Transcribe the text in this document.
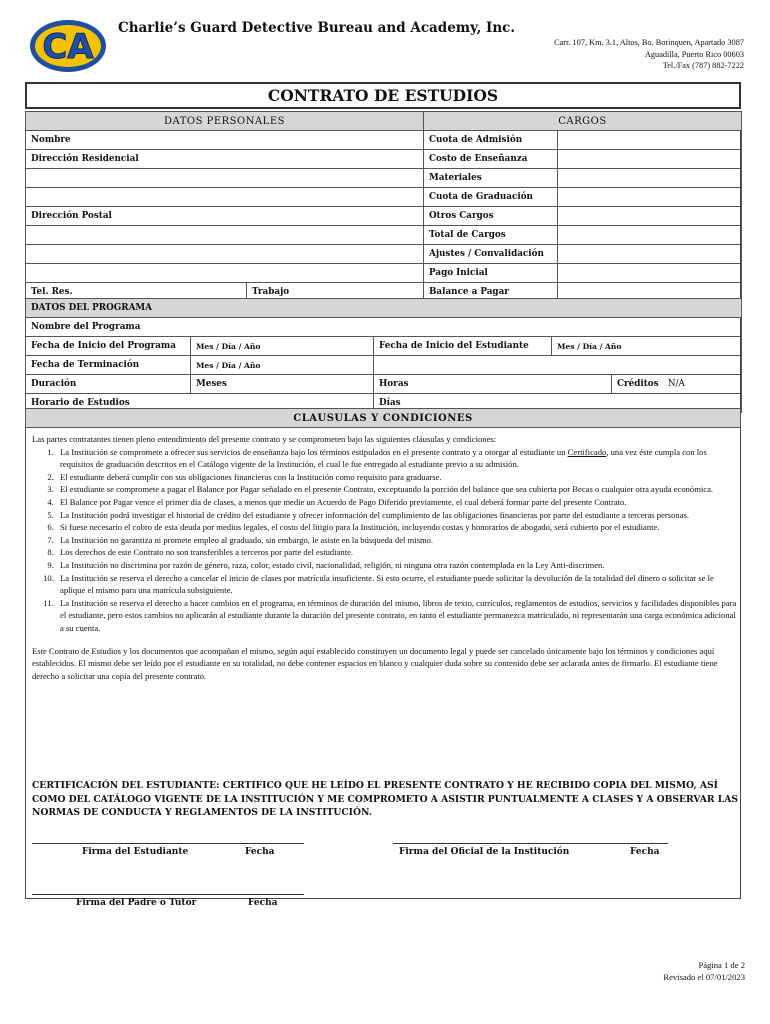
CA Charlie’s Guard Detective Bureau and Academy, Inc.
Carr. 107, Km. 3.1, Altos, Bo. Borinquen, Apartado 3087
Aguadilla, Puerto Rico 00603
Tel./Fax (787) 882-7222
CONTRATO DE ESTUDIOS
DATOS PERSONALES		CARGOS	
Nombre		Cuota de Admisión	
Dirección Residencial		Costo de Enseñanza	
		Materiales	
		Cuota de Graduación	
Dirección Postal		Otros Cargos	
		Total de Cargos	
		Ajustes / Convalidación	
		Pago Inicial	
Tel. Res.	Trabajo	Balance a Pagar	
DATOS DEL PROGRAMA				
Nombre del Programa				
Fecha de Inicio del Programa	Mes / Día / Año	Fecha de Inicio del Estudiante	Mes / Día / Año	
Fecha de Terminación	Mes / Día / Año			
Duración	Meses	Horas		Créditos N/A
Horario de Estudios		Días		
CLAUSULAS Y CONDICIONES
Las partes contratantes tienen pleno entendimiento del presente contrato y se comprometen bajo las siguientes cláusulas y condiciones:
1. La Institución se compromete a ofrecer sus servicios de enseñanza bajo los términos estipulados en el presente contrato y a otorgar al estudiante un Certificado, una vez éste cumpla con los requisitos de graduación descritos en el Catálogo vigente de la Institución, el cual le fue entregado al estudiante previo a su admisión.
2. El estudiante deberá cumplir con sus obligaciones financieras con la Institución como requisito para graduarse.
3. El estudiante se compromete a pagar el Balance por Pagar señalado en el presente Contrato, exceptuando la porción del balance que sea cubierta por Becas o cualquier otra ayuda económica.
4. El Balance por Pagar vence el primer día de clases, a menos que medie un Acuerdo de Pago Diferido previamente, el cual deberá formar parte del presente Contrato.
5. La Institución podrá investigar el historial de crédito del estudiante y ofrecer información del cumplimiento de las obligaciones financieras por parte del estudiante a terceras personas.
6. Si fuese necesario el cobro de esta deuda por medios legales, el costo del litigio para la Institución, incluyendo costas y honorarios de abogado, será cubierto por el estudiante.
7. La Institución no garantiza ni promete empleo al graduado, sin embargo, le asiste en la búsqueda del mismo.
8. Los derechos de este Contrato no son transferibles a terceros por parte del estudiante.
9. La Institución no discrimina por razón de género, raza, color, estado civil, nacionalidad, religión, ni ninguna otra razón contemplada en la Ley Anti-discrimen.
10. La Institución se reserva el derecho a cancelar el inicio de clases por matrícula insuficiente. Si esto ocurre, el estudiante puede solicitar la devolución de la totalidad del dinero o solicitar se le aplique el mismo para una matrícula subsiguiente.
11. La Institución se reserva el derecho a hacer cambios en el programa, en términos de duración del mismo, libros de texto, currículos, reglamentos de estudios, servicios y facilidades disponibles para el estudiante, pero estos cambios no aplicarán al estudiante durante la duración del presente contrato, en tanto el estudiante permanezca matriculado, ni representarán una carga económica adicional a su cuenta.
Este Contrato de Estudios y los documentos que acompañan el mismo, según aquí establecido constituyen un documento legal y puede ser cancelado únicamente bajo los términos y condiciones aquí establecidos. El mismo debe ser leído por el estudiante en su totalidad, no debe contener espacios en blanco y cualquier duda sobre su contenido debe ser aclarada antes de firmarlo. El estudiante tiene derecho a solicitar una copia del presente contrato.
CERTIFICACIÓN DEL ESTUDIANTE: CERTIFICO QUE HE LEÍDO EL PRESENTE CONTRATO Y HE RECIBIDO COPIA DEL MISMO, ASÍ COMO DEL CATÁLOGO VIGENTE DE LA INSTITUCIÓN Y ME COMPROMETO A ASISTIR PUNTUALMENTE A CLASES Y A OBSERVAR LAS NORMAS DE CONDUCTA Y REGLAMENTOS DE LA INSTITUCIÓN.
Firma del Estudiante	Fecha	Firma del Oficial de la Institución	Fecha
Firma del Padre o Tutor	Fecha
Página 1 de 2
Revisado el 07/01/2023
